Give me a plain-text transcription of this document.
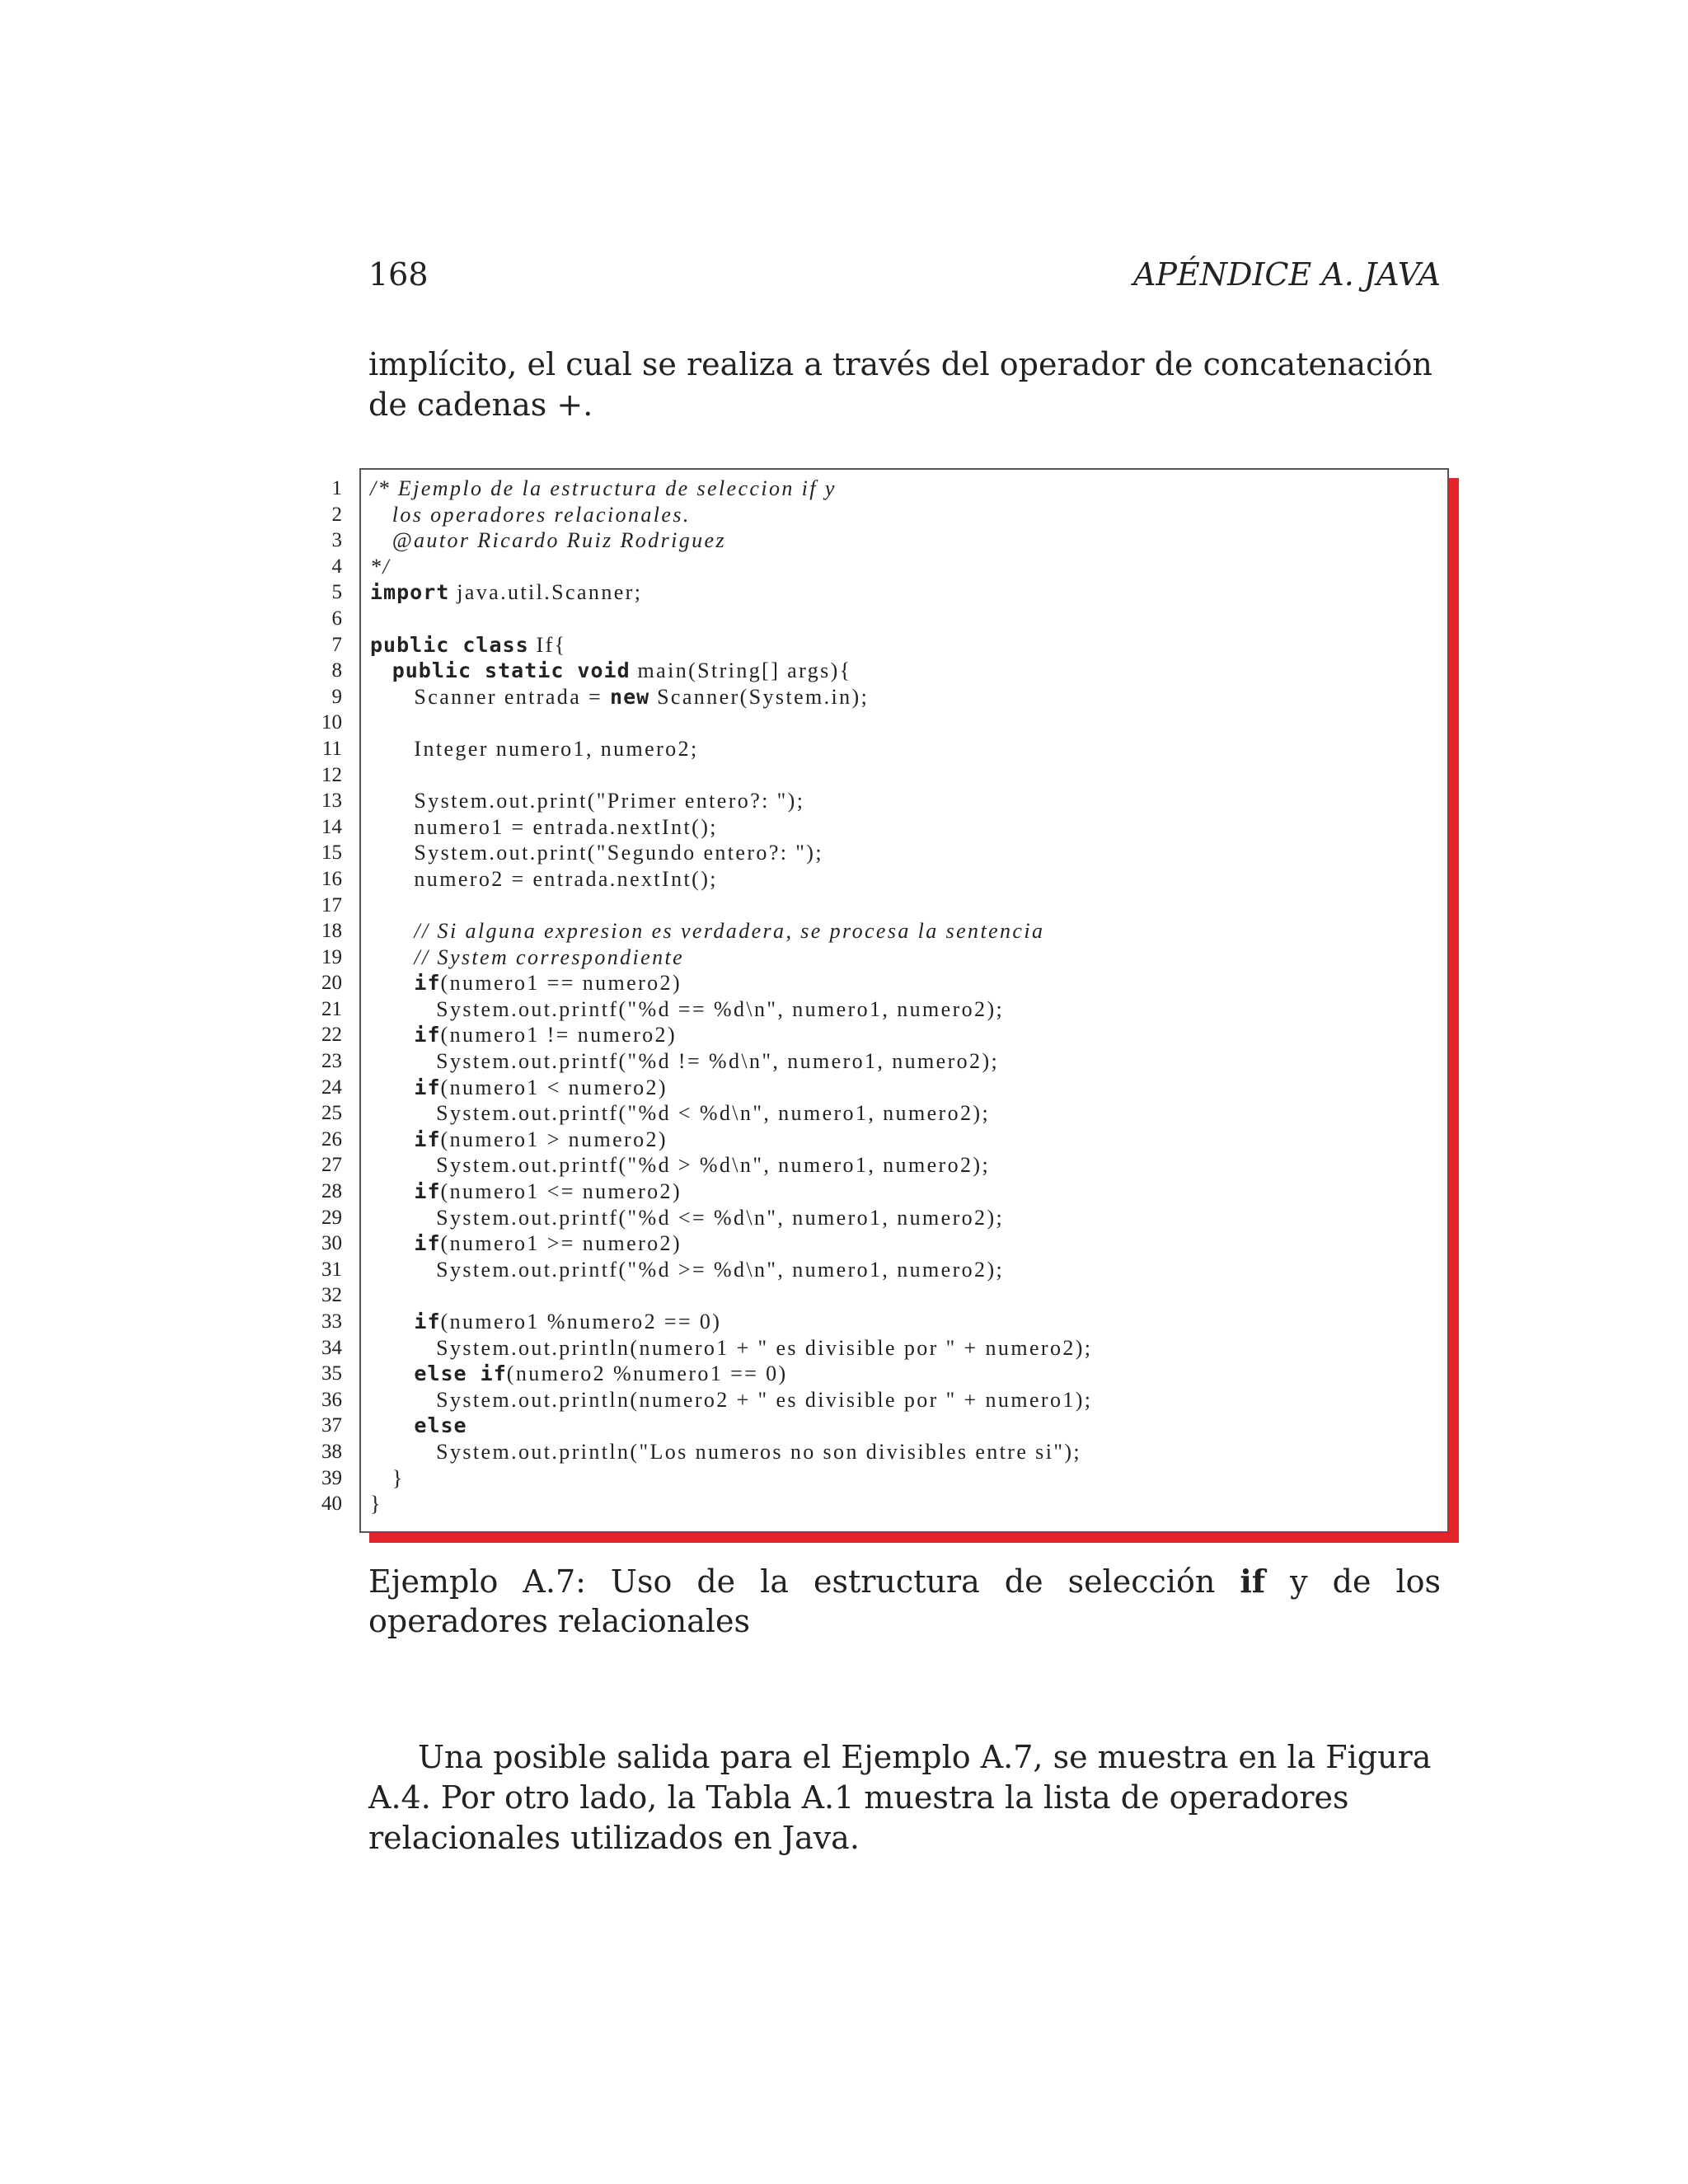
168	APÉNDICE A. JAVA

implícito, el cual se realiza a través del operador de concatenación de cadenas +.

1
2
3
4
5
6
7
8
9
10
11
12
13
14
15
16
17
18
19
20
21
22
23
24
25
26
27
28
29
30
31
32
33
34
35
36
37
38
39
40
/* Ejemplo de la estructura de seleccion if y
los operadores relacionales.
@autor Ricardo Ruiz Rodriguez
*/
import java.util.Scanner;

public class If{
public static void main(String[] args){
Scanner entrada = new Scanner(System.in);

Integer numero1, numero2;

System.out.print("Primer entero?: ");
numero1 = entrada.nextInt();
System.out.print("Segundo entero?: ");
numero2 = entrada.nextInt();

// Si alguna expresion es verdadera, se procesa la sentencia
// System correspondiente
if(numero1 == numero2)
System.out.printf("%d == %d\n", numero1, numero2);
if(numero1 != numero2)
System.out.printf("%d != %d\n", numero1, numero2);
if(numero1 < numero2)
System.out.printf("%d < %d\n", numero1, numero2);
if(numero1 > numero2)
System.out.printf("%d > %d\n", numero1, numero2);
if(numero1 <= numero2)
System.out.printf("%d <= %d\n", numero1, numero2);
if(numero1 >= numero2)
System.out.printf("%d >= %d\n", numero1, numero2);

if(numero1 %numero2 == 0)
System.out.println(numero1 + " es divisible por " + numero2);
else if(numero2 %numero1 == 0)
System.out.println(numero2 + " es divisible por " + numero1);
else
System.out.println("Los numeros no son divisibles entre si");
}
}

Ejemplo A.7: Uso de la estructura de selección if y de los operadores relacionales

Una posible salida para el Ejemplo A.7, se muestra en la Figura A.4. Por otro lado, la Tabla A.1 muestra la lista de operadores relacionales utilizados en Java.
